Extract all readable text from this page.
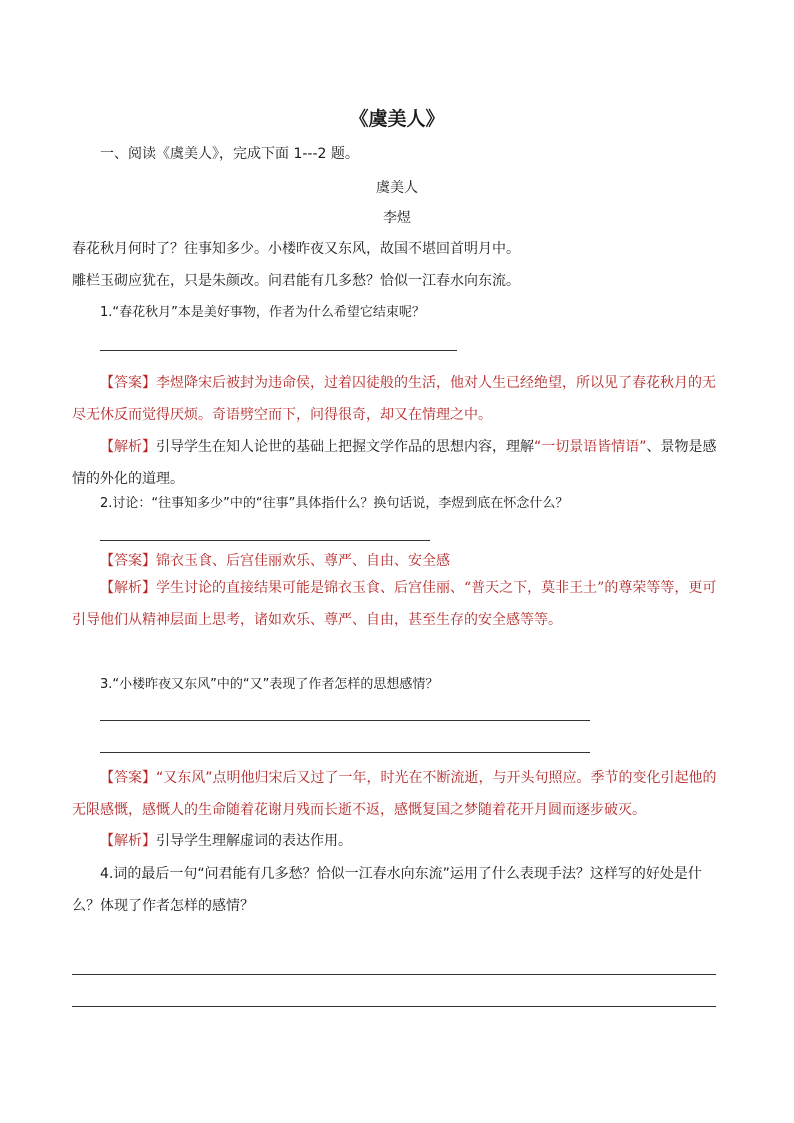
《虞美人》
一、阅读《虞美人》，完成下面 1---2 题。
虞美人
李煜
春花秋月何时了？往事知多少。小楼昨夜又东风，故国不堪回首明月中。
雕栏玉砌应犹在，只是朱颜改。问君能有几多愁？恰似一江春水向东流。
1.“春花秋月”本是美好事物，作者为什么希望它结束呢？
【答案】李煜降宋后被封为违命侯，过着囚徒般的生活，他对人生已经绝望，所以见了春花秋月的无尽无休反而觉得厌烦。奇语劈空而下，问得很奇，却又在情理之中。
【解析】引导学生在知人论世的基础上把握文学作品的思想内容，理解“一切景语皆情语”、景物是感情的外化的道理。
2.讨论：“往事知多少”中的“往事”具体指什么？换句话说，李煜到底在怀念什么？
【答案】锦衣玉食、后宫佳丽欢乐、尊严、自由、安全感
【解析】学生讨论的直接结果可能是锦衣玉食、后宫佳丽、“普天之下，莫非王土”的尊荣等等，更可引导他们从精神层面上思考，诸如欢乐、尊严、自由，甚至生存的安全感等等。
3.“小楼昨夜又东风”中的“又”表现了作者怎样的思想感情？
【答案】“又东风”点明他归宋后又过了一年，时光在不断流逝，与开头句照应。季节的变化引起他的无限感慨，感慨人的生命随着花谢月残而长逝不返，感慨复国之梦随着花开月圆而逐步破灭。
【解析】引导学生理解虚词的表达作用。
4.词的最后一句“问君能有几多愁？恰似一江春水向东流”运用了什么表现手法？这样写的好处是什么？体现了作者怎样的感情？
